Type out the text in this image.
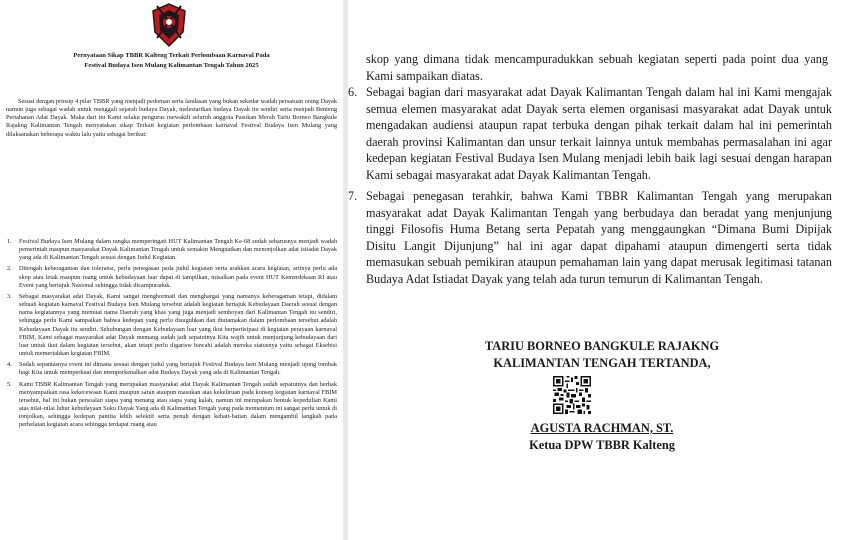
Pernyataan Sikap TBBR Kalteng Terkait Perlombaan Karnaval Pada
Festival Budaya Isen Mulang Kalimantan Tengah Tahun 2025

Sesuai dengan prinsip 4 pilar TBBR yang menjadi pedoman serta landasan yang bukan sekedar wadah persatuan orang Dayak namun juga sebagai wadah untuk menggali sejarah budaya Dayak, melestarikan budaya Dayak itu sendiri serta menjadi Benteng Pertahanan Adat Dayak. Maka dari itu Kami selaku pengurus mewakili seluruh anggota Pasukan Merah Tariu Borneo Bangkule Rajakng Kalimantan Tengah menyatakan sikap Terkait kegiatan perlombaan karnaval Festival Budaya Isen Mulang yang dilaksanakan beberapa waktu lalu yaitu sebagai berikut:

1.	Festival Budaya Isen Mulang dalam rangka memperingati HUT Kalimantan Tengah Ke-68 sudah seharusnya menjadi wadah pemerintah maupun masyarakat Dayak Kalimantan Tengah untuk semakin Menguatkan dan menonjolkan adat istiadat Dayak yang ada di Kalimantan Tengah sesuai dengan Judul Kegiatan.
2.	Ditengah keberagaman dan toleransi, perlu penegasan pada judul kegiatan serta arahkan acara kegiatan, artinya perlu ada skop atau letak maupun ruang untuk kebudayaan luar dapat di tampilkan, misalkan pada event HUT Kemerdekaan RI atau Event yang bertajuk Nasional sehingga tidak dicampuraduk.
3.	Sebagai masyarakat adat Dayak, Kami sangat menghormati dan menghargai yang namanya keberagaman tetapi, didalam sebuah kegiatan karnaval Festival Budaya Isen Mulang tersebut adalah kegiatan bertajuk Kebudayaan Daerah sesuai dengan nama kegiatannya yang memuat nama Daerah yang khas yang juga menjadi semboyan dari Kalimantan Tengah itu sendiri, sehingga perlu Kami sampaikan bahwa kedepan yang perlu disuguhkan dan diutamakan dalam perlombaan tersebut adalah Kebudayaan Dayak itu sendiri. Sehubungan dengan Kebudayaan luar yang ikut berpartisipasi di kegiatan perayaan karnaval FBIM, Kami sebagai masyarakat adat Dayak memang sudah jadi sepatutnya Kita wajib untuk menjunjung kebudayaan dari luar untuk ikut dalam kegiatan tersebut, akan tetapi perlu digarisw bawahi adalah mereka statusnya yaitu sebagai Eksebisi untuk memeriahkan kegiatan FBIM.
4.	Sudah sepantasnya event ini dimana sesuai dengan judul yang bertajuk Festival Budaya Isen Mulang menjadi ujung tombak bagi Kita untuk memperkuat dan memperkenalkan adat Budaya Dayak yang ada di Kalimantan Tengah.
5.	Kami TBBR Kalimantan Tengah yang merupakan masyarakat adat Dayak Kalimantan Tengah sudah sepatutnya dan berhak menyampaikan rasa kekecewaan Kami maupun saran ataupun masukan atas kekeliruan pada konsep kegiatan karnaval FBIM tersebut, hal ini bukan persoalan siapa yang menang atau siapa yang kalah, namun ini merupakan bentuk kepedulian Kami atas nilai-nilai luhur kebudayaan Suku Dayak Yang ada di Kalimantan Tengah yang pada momentum ini sangat perlu untuk di tonjolkan, sehingga kedepan panitia lebih selektif serta penuh dengan kehati-hatian dalam mengambil langkah pada perhelatan kegiatan acara sehingga terdapat ruang atau

skop yang dimana tidak mencampuradukkan sebuah kegiatan seperti pada point dua yang Kami sampaikan diatas.

6. Sebagai bagian dari masyarakat adat Dayak Kalimantan Tengah dalam hal ini Kami mengajak semua elemen masyarakat adat Dayak serta elemen organisasi masyarakat adat Dayak untuk mengadakan audiensi ataupun rapat terbuka dengan pihak terkait dalam hal ini pemerintah daerah provinsi Kalimantan dan unsur terkait lainnya untuk membahas permasalahan ini agar kedepan kegiatan Festival Budaya Isen Mulang menjadi lebih baik lagi sesuai dengan harapan Kami sebagai masyarakat adat Dayak Kalimantan Tengah.
7. Sebagai penegasan terahkir, bahwa Kami TBBR Kalimantan Tengah yang merupakan masyarakat adat Dayak Kalimantan Tengah yang berbudaya dan beradat yang menjunjung tinggi Filosofis Huma Betang serta Pepatah yang menggaungkan “Dimana Bumi Dipijak Disitu Langit Dijunjung” hal ini agar dapat dipahami ataupun dimengerti serta tidak memasukan sebuah pemikiran ataupun pemahaman lain yang dapat merusak legitimasi tatanan Budaya Adat Istiadat Dayak yang telah ada turun temurun di Kalimantan Tengah.
TARIU BORNEO BANGKULE RAJAKNG
KALIMANTAN TENGAH TERTANDA,
AGUSTA RACHMAN, ST.
Ketua DPW TBBR Kalteng
